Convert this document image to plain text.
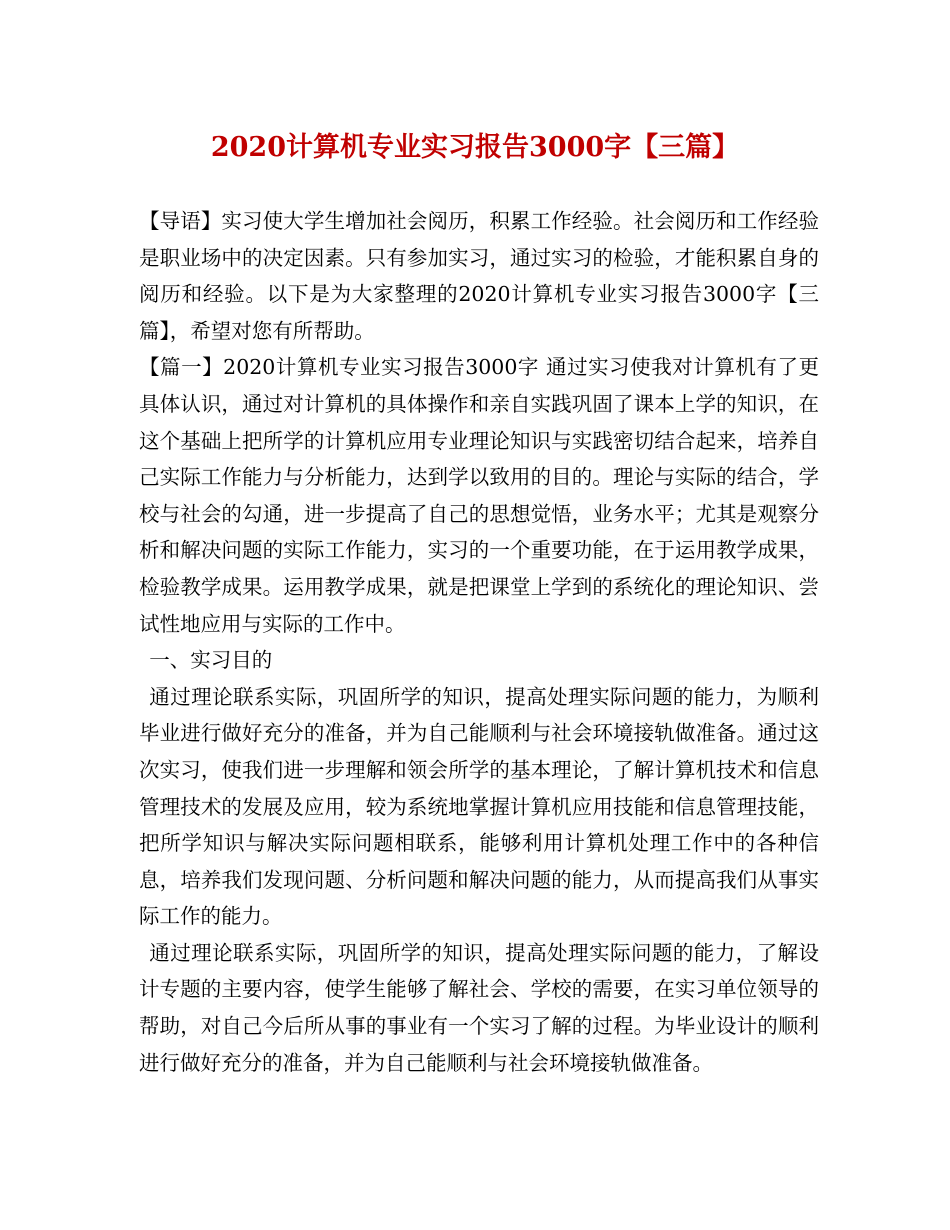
2020计算机专业实习报告3000字【三篇】

【导语】实习使大学生增加社会阅历，积累工作经验。社会阅历和工作经验是职业场中的决定因素。只有参加实习，通过实习的检验，才能积累自身的阅历和经验。以下是为大家整理的2020计算机专业实习报告3000字【三篇】，希望对您有所帮助。

【篇一】2020计算机专业实习报告3000字 通过实习使我对计算机有了更具体认识，通过对计算机的具体操作和亲自实践巩固了课本上学的知识，在这个基础上把所学的计算机应用专业理论知识与实践密切结合起来，培养自己实际工作能力与分析能力，达到学以致用的目的。理论与实际的结合，学校与社会的勾通，进一步提高了自己的思想觉悟，业务水平；尤其是观察分析和解决问题的实际工作能力，实习的一个重要功能，在于运用教学成果，检验教学成果。运用教学成果，就是把课堂上学到的系统化的理论知识、尝试性地应用与实际的工作中。

一、实习目的

通过理论联系实际，巩固所学的知识，提高处理实际问题的能力，为顺利毕业进行做好充分的准备，并为自己能顺利与社会环境接轨做准备。通过这次实习，使我们进一步理解和领会所学的基本理论，了解计算机技术和信息管理技术的发展及应用，较为系统地掌握计算机应用技能和信息管理技能，把所学知识与解决实际问题相联系，能够利用计算机处理工作中的各种信息，培养我们发现问题、分析问题和解决问题的能力，从而提高我们从事实际工作的能力。

通过理论联系实际，巩固所学的知识，提高处理实际问题的能力，了解设计专题的主要内容，使学生能够了解社会、学校的需要，在实习单位领导的帮助，对自己今后所从事的事业有一个实习了解的过程。为毕业设计的顺利进行做好充分的准备，并为自己能顺利与社会环境接轨做准备。
